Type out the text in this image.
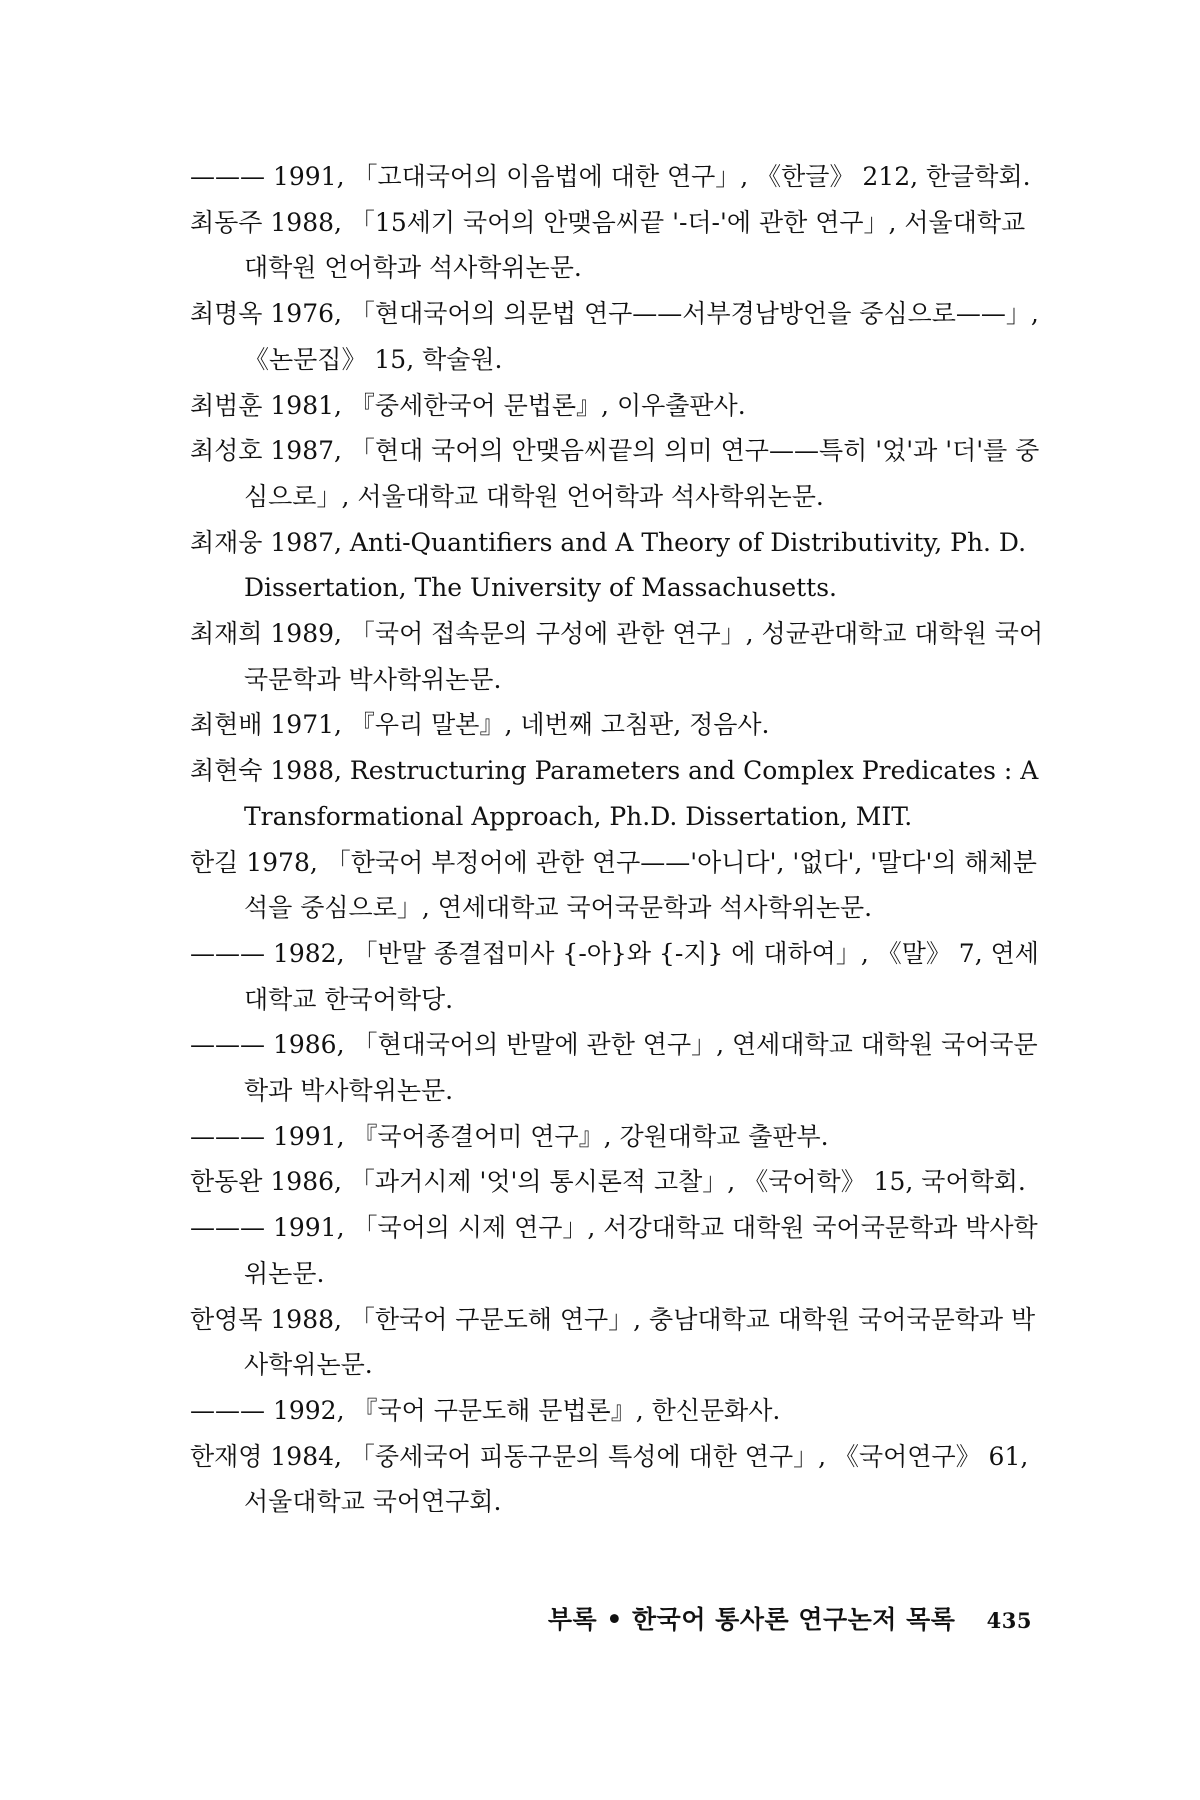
——— 1991, 「고대국어의 이음법에 대한 연구」, 《한글》 212, 한글학회.
최동주 1988, 「15세기 국어의 안맺음씨끝 '-더-'에 관한 연구」, 서울대학교 대학원 언어학과 석사학위논문.
최명옥 1976, 「현대국어의 의문법 연구——서부경남방언을 중심으로——」, 《논문집》 15, 학술원.
최범훈 1981, 『중세한국어 문법론』, 이우출판사.
최성호 1987, 「현대 국어의 안맺음씨끝의 의미 연구——특히 '었'과 '더'를 중심으로」, 서울대학교 대학원 언어학과 석사학위논문.
최재웅 1987, Anti-Quantifiers and A Theory of Distributivity, Ph. D. Dissertation, The University of Massachusetts.
최재희 1989, 「국어 접속문의 구성에 관한 연구」, 성균관대학교 대학원 국어국문학과 박사학위논문.
최현배 1971, 『우리 말본』, 네번째 고침판, 정음사.
최현숙 1988, Restructuring Parameters and Complex Predicates : A Transformational Approach, Ph.D. Dissertation, MIT.
한길 1978, 「한국어 부정어에 관한 연구——'아니다', '없다', '말다'의 해체분석을 중심으로」, 연세대학교 국어국문학과 석사학위논문.
——— 1982, 「반말 종결접미사 {-아}와 {-지} 에 대하여」, 《말》 7, 연세대학교 한국어학당.
——— 1986, 「현대국어의 반말에 관한 연구」, 연세대학교 대학원 국어국문학과 박사학위논문.
——— 1991, 『국어종결어미 연구』, 강원대학교 출판부.
한동완 1986, 「과거시제 '엇'의 통시론적 고찰」, 《국어학》 15, 국어학회.
——— 1991, 「국어의 시제 연구」, 서강대학교 대학원 국어국문학과 박사학위논문.
한영목 1988, 「한국어 구문도해 연구」, 충남대학교 대학원 국어국문학과 박사학위논문.
——— 1992, 『국어 구문도해 문법론』, 한신문화사.
한재영 1984, 「중세국어 피동구문의 특성에 대한 연구」, 《국어연구》 61, 서울대학교 국어연구회.
부록 • 한국어 통사론 연구논저 목록 435
